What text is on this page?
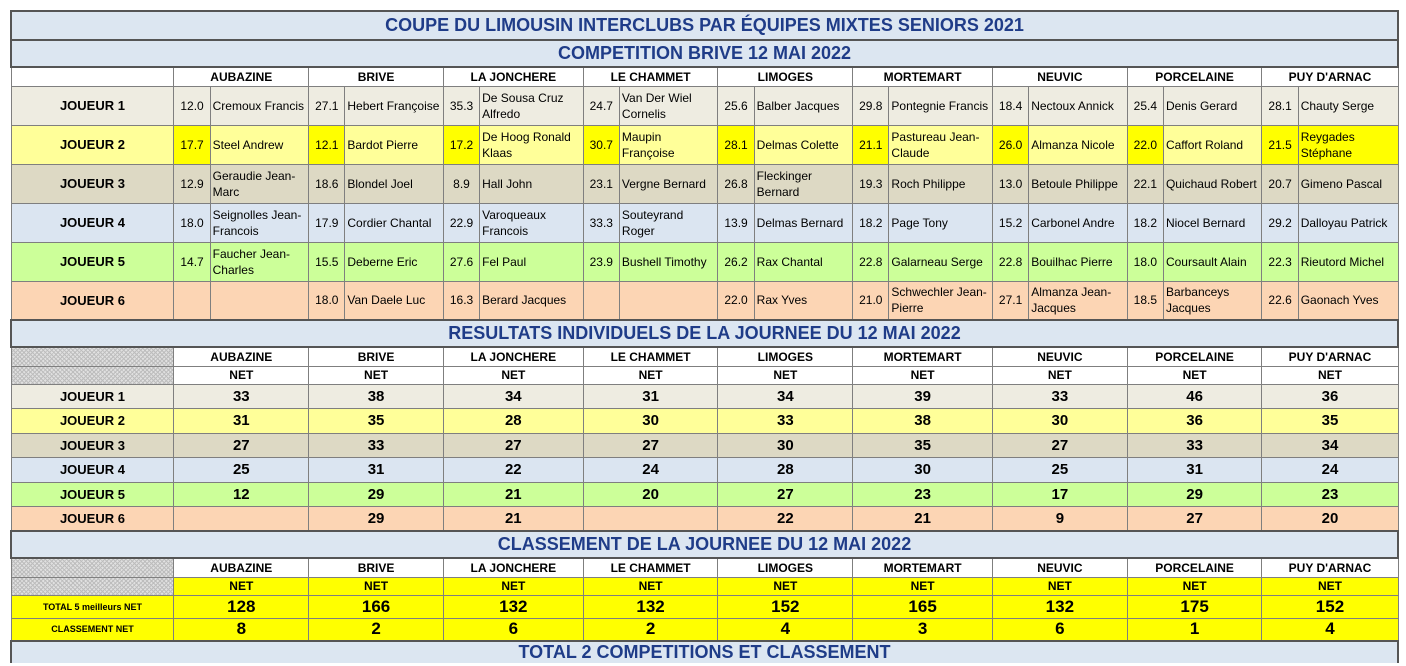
COUPE DU LIMOUSIN INTERCLUBS PAR ÉQUIPES MIXTES SENIORS 2021																		
COMPETITION BRIVE 12 MAI 2022																		
	AUBAZINE		BRIVE		LA JONCHERE		LE CHAMMET		LIMOGES		MORTEMART		NEUVIC		PORCELAINE		PUY D'ARNAC	
JOUEUR 1	12.0	Cremoux Francis	27.1	Hebert Françoise	35.3	De Sousa Cruz Alfredo	24.7	Van Der Wiel Cornelis	25.6	Balber Jacques	29.8	Pontegnie Francis	18.4	Nectoux Annick	25.4	Denis Gerard	28.1	Chauty Serge
JOUEUR 2	17.7	Steel Andrew	12.1	Bardot Pierre	17.2	De Hoog Ronald Klaas	30.7	Maupin Françoise	28.1	Delmas Colette	21.1	Pastureau Jean-Claude	26.0	Almanza Nicole	22.0	Caffort Roland	21.5	Reygades Stéphane
JOUEUR 3	12.9	Geraudie Jean-Marc	18.6	Blondel Joel	8.9	Hall John	23.1	Vergne Bernard	26.8	Fleckinger Bernard	19.3	Roch Philippe	13.0	Betoule Philippe	22.1	Quichaud Robert	20.7	Gimeno Pascal
JOUEUR 4	18.0	Seignolles Jean-Francois	17.9	Cordier Chantal	22.9	Varoqueaux Francois	33.3	Souteyrand Roger	13.9	Delmas Bernard	18.2	Page Tony	15.2	Carbonel Andre	18.2	Niocel Bernard	29.2	Dalloyau Patrick
JOUEUR 5	14.7	Faucher Jean-Charles	15.5	Deberne Eric	27.6	Fel Paul	23.9	Bushell Timothy	26.2	Rax Chantal	22.8	Galarneau Serge	22.8	Bouilhac Pierre	18.0	Coursault Alain	22.3	Rieutord Michel
JOUEUR 6			18.0	Van Daele Luc	16.3	Berard Jacques			22.0	Rax Yves	21.0	Schwechler Jean-Pierre	27.1	Almanza Jean-Jacques	18.5	Barbanceys Jacques	22.6	Gaonach Yves
RESULTATS INDIVIDUELS DE LA JOURNEE DU 12 MAI 2022																		
	AUBAZINE		BRIVE		LA JONCHERE		LE CHAMMET		LIMOGES		MORTEMART		NEUVIC		PORCELAINE		PUY D'ARNAC	
	NET		NET		NET		NET		NET		NET		NET		NET		NET	
JOUEUR 1	33		38		34		31		34		39		33		46		36	
JOUEUR 2	31		35		28		30		33		38		30		36		35	
JOUEUR 3	27		33		27		27		30		35		27		33		34	
JOUEUR 4	25		31		22		24		28		30		25		31		24	
JOUEUR 5	12		29		21		20		27		23		17		29		23	
JOUEUR 6			29		21				22		21		9		27		20	
CLASSEMENT DE LA JOURNEE DU 12 MAI 2022																		
	AUBAZINE		BRIVE		LA JONCHERE		LE CHAMMET		LIMOGES		MORTEMART		NEUVIC		PORCELAINE		PUY D'ARNAC	
	NET		NET		NET		NET		NET		NET		NET		NET		NET	
TOTAL 5 meilleurs NET	128		166		132		132		152		165		132		175		152	
CLASSEMENT NET	8		2		6		2		4		3		6		1		4	
TOTAL 2 COMPETITIONS ET CLASSEMENT																		
